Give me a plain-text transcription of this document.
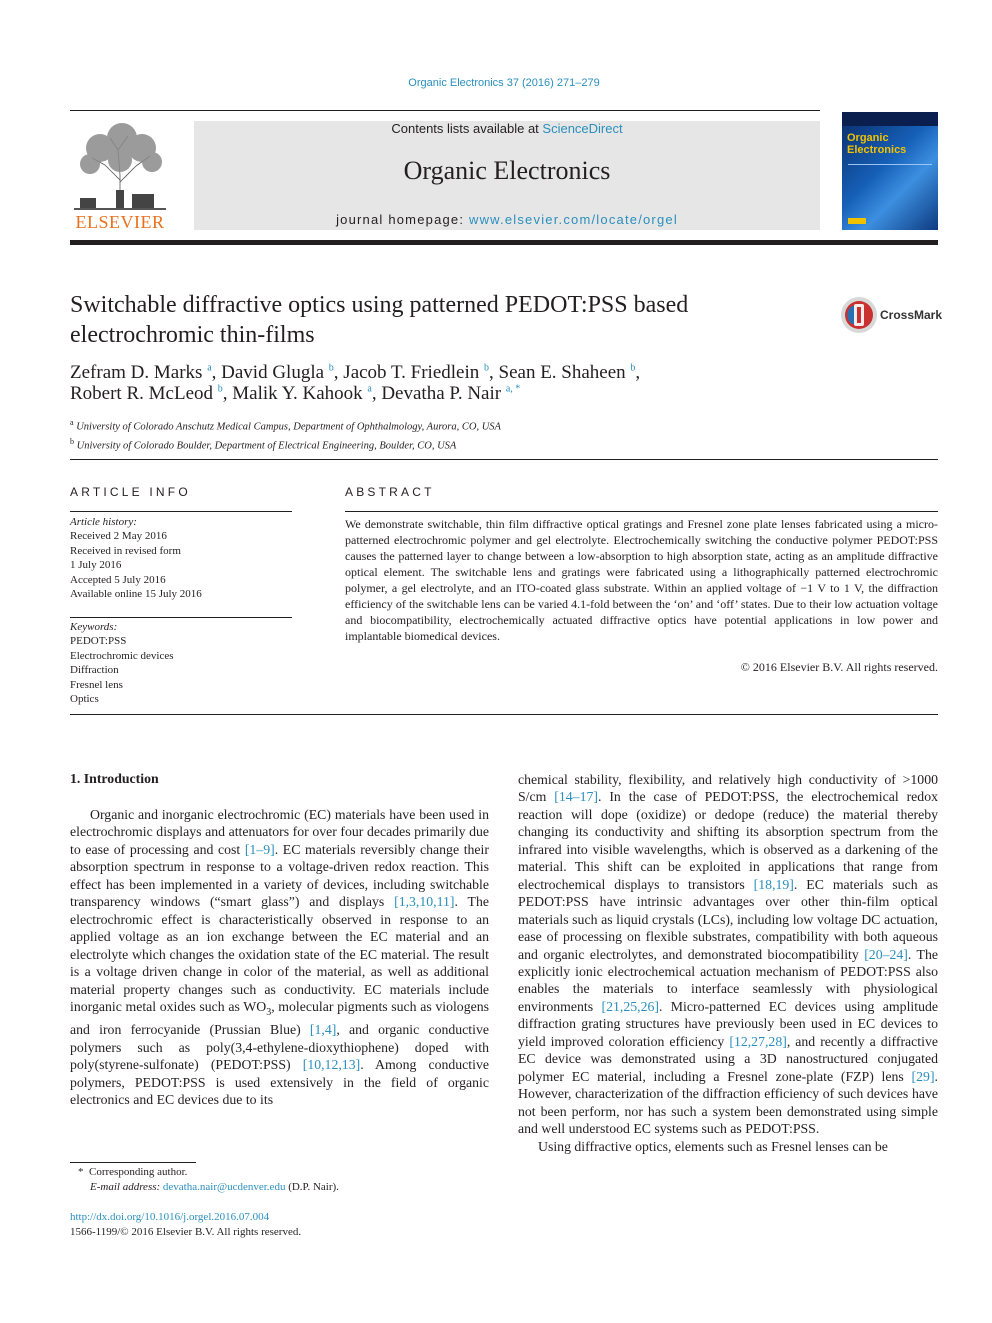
Organic Electronics 37 (2016) 271–279
ELSEVIER
Contents lists available at ScienceDirect
Organic Electronics
journal homepage: www.elsevier.com/locate/orgel
Organic
Electronics
Switchable diffractive optics using patterned PEDOT:PSS based electrochromic thin-films
CrossMark
Zefram D. Marks $^a$, David Glugla $^b$, Jacob T. Friedlein $^b$, Sean E. Shaheen $^b$,
Robert R. McLeod $^b$, Malik Y. Kahook $^a$, Devatha P. Nair $^{a, *}$
$^a$ University of Colorado Anschutz Medical Campus, Department of Ophthalmology, Aurora, CO, USA
$^b$ University of Colorado Boulder, Department of Electrical Engineering, Boulder, CO, USA
ARTICLE INFO
Article history:
Received 2 May 2016
Received in revised form
1 July 2016
Accepted 5 July 2016
Available online 15 July 2016
Keywords:
PEDOT:PSS
Electrochromic devices
Diffraction
Fresnel lens
Optics
ABSTRACT
We demonstrate switchable, thin film diffractive optical gratings and Fresnel zone plate lenses fabricated using a micro-patterned electrochromic polymer and gel electrolyte. Electrochemically switching the conductive polymer PEDOT:PSS causes the patterned layer to change between a low-absorption to high absorption state, acting as an amplitude diffractive optical element. The switchable lens and gratings were fabricated using a lithographically patterned electrochromic polymer, a gel electrolyte, and an ITO-coated glass substrate. Within an applied voltage of −1 V to 1 V, the diffraction efficiency of the switchable lens can be varied 4.1-fold between the ‘on’ and ‘off’ states. Due to their low actuation voltage and biocompatibility, electrochemically actuated diffractive optics have potential applications in low power and implantable biomedical devices.
© 2016 Elsevier B.V. All rights reserved.
1. Introduction

Organic and inorganic electrochromic (EC) materials have been used in electrochromic displays and attenuators for over four decades primarily due to ease of processing and cost [1–9]. EC materials reversibly change their absorption spectrum in response to a voltage-driven redox reaction. This effect has been implemented in a variety of devices, including switchable transparency windows (“smart glass”) and displays [1,3,10,11]. The electrochromic effect is characteristically observed in response to an applied voltage as an ion exchange between the EC material and an electrolyte which changes the oxidation state of the EC material. The result is a voltage driven change in color of the material, as well as additional material property changes such as conductivity. EC materials include inorganic metal oxides such as $WO_3$, molecular pigments such as viologens and iron ferrocyanide (Prussian Blue) [1,4], and organic conductive polymers such as poly(3,4-ethylene-dioxythiophene) doped with poly(styrene-sulfonate) (PEDOT:PSS) [10,12,13]. Among conductive polymers, PEDOT:PSS is used extensively in the field of organic electronics and EC devices due to its

chemical stability, flexibility, and relatively high conductivity of >1000 S/cm [14–17]. In the case of PEDOT:PSS, the electrochemical redox reaction will dope (oxidize) or dedope (reduce) the material thereby changing its conductivity and shifting its absorption spectrum from the infrared into visible wavelengths, which is observed as a darkening of the material. This shift can be exploited in applications that range from electrochemical displays to transistors [18,19]. EC materials such as PEDOT:PSS have intrinsic advantages over other thin-film optical materials such as liquid crystals (LCs), including low voltage DC actuation, ease of processing on flexible substrates, compatibility with both aqueous and organic electrolytes, and demonstrated biocompatibility [20–24]. The explicitly ionic electrochemical actuation mechanism of PEDOT:PSS also enables the materials to interface seamlessly with physiological environments [21,25,26]. Micro-patterned EC devices using amplitude diffraction grating structures have previously been used in EC devices to yield improved coloration efficiency [12,27,28], and recently a diffractive EC device was demonstrated using a 3D nanostructured conjugated polymer EC material, including a Fresnel zone-plate (FZP) lens [29]. However, characterization of the diffraction efficiency of such devices have not been perform, nor has such a system been demonstrated using simple and well understood EC systems such as PEDOT:PSS.

Using diffractive optics, elements such as Fresnel lenses can be

*  Corresponding author.
E-mail address: devatha.nair@ucdenver.edu (D.P. Nair).
http://dx.doi.org/10.1016/j.orgel.2016.07.004
1566-1199/© 2016 Elsevier B.V. All rights reserved.
